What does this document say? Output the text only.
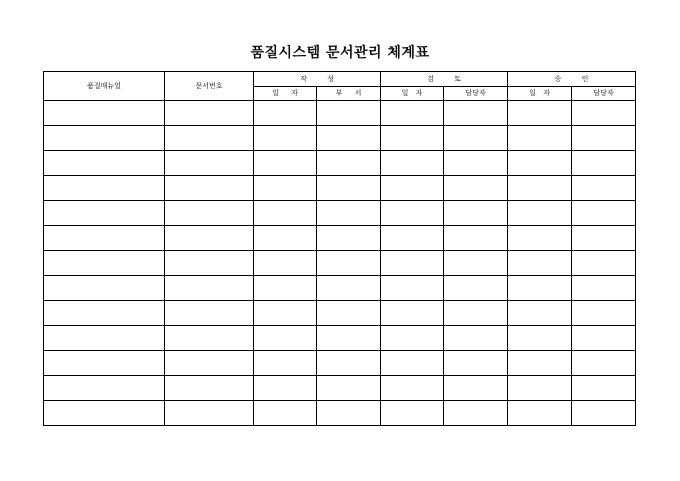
품질시스템 문서관리 체계표
품질매뉴얼	문서번호	작 성		검 토		승 인	
		일 자	부 서	일 자	담당자	일 자	담당자
